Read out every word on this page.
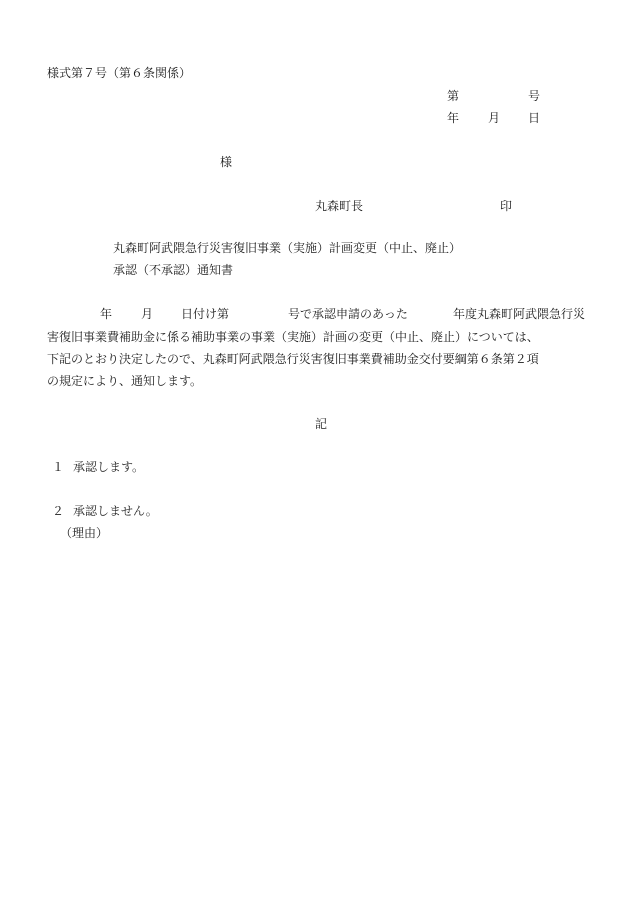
様式第７号（第６条関係）
第	号
年 月 日
様
丸森町長	印
丸森町阿武隈急行災害復旧事業（実施）計画変更（中止、廃止）
承認（不承認）通知書
年 月 日付け第	号で承認申請のあった	年度丸森町阿武隈急行災
害復旧事業費補助金に係る補助事業の事業（実施）計画の変更（中止、廃止）については、
下記のとおり決定したので、丸森町阿武隈急行災害復旧事業費補助金交付要綱第６条第２項
の規定により、通知します。
記
１ 承認します。
２ 承認しません。
（理由）
